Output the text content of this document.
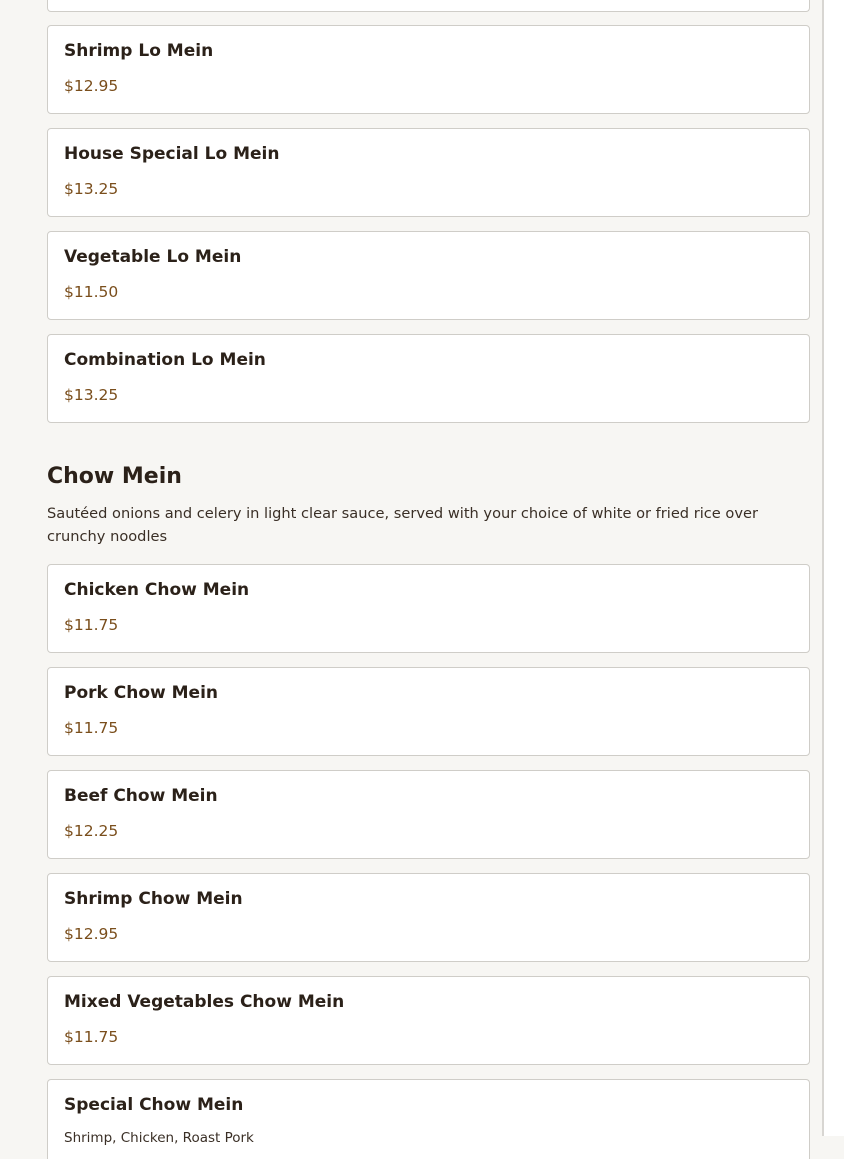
Shrimp Lo Mein
$12.95
House Special Lo Mein
$13.25
Vegetable Lo Mein
$11.50
Combination Lo Mein
$13.25
Chow Mein

Sautéed onions and celery in light clear sauce, served with your choice of white or fried rice over crunchy noodles

Chicken Chow Mein
$11.75
Pork Chow Mein
$11.75
Beef Chow Mein
$12.25
Shrimp Chow Mein
$12.95
Mixed Vegetables Chow Mein
$11.75
Special Chow Mein
Shrimp, Chicken, Roast Pork
